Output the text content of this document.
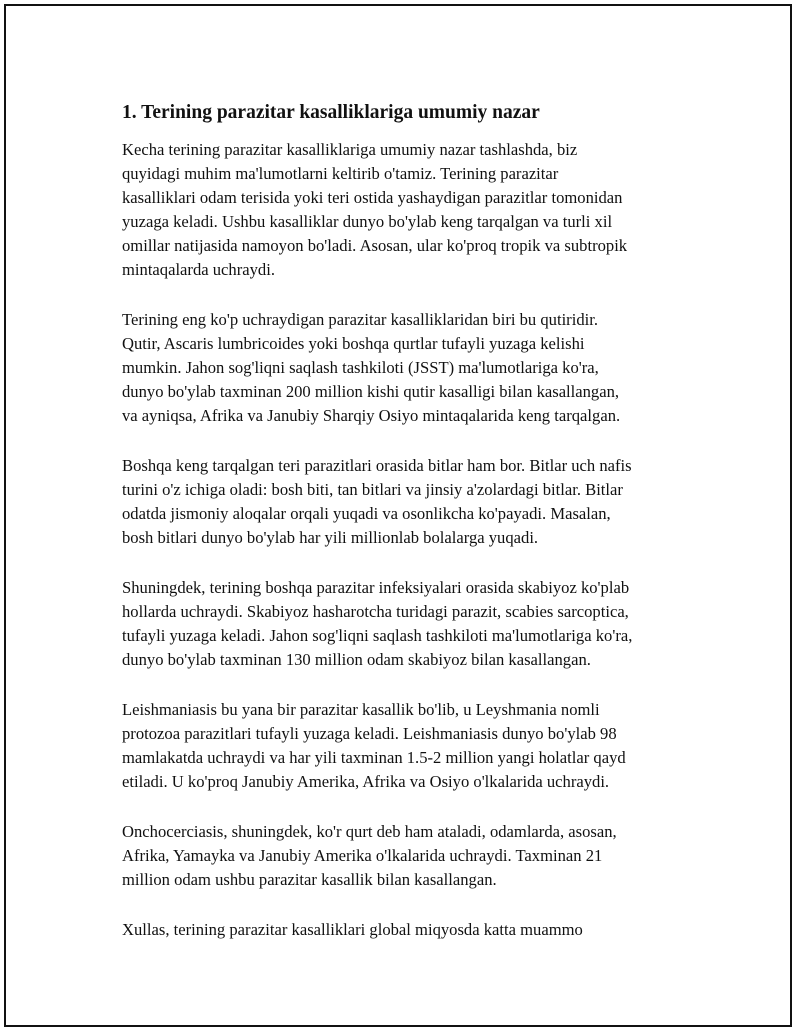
1. Terining parazitar kasalliklariga umumiy nazar

Kecha terining parazitar kasalliklariga umumiy nazar tashlashda, biz
quyidagi muhim ma'lumotlarni keltirib o'tamiz. Terining parazitar
kasalliklari odam terisida yoki teri ostida yashaydigan parazitlar tomonidan
yuzaga keladi. Ushbu kasalliklar dunyo bo'ylab keng tarqalgan va turli xil
omillar natijasida namoyon bo'ladi. Asosan, ular ko'proq tropik va subtropik
mintaqalarda uchraydi.

Terining eng ko'p uchraydigan parazitar kasalliklaridan biri bu qutiridir.
Qutir, Ascaris lumbricoides yoki boshqa qurtlar tufayli yuzaga kelishi
mumkin. Jahon sog'liqni saqlash tashkiloti (JSST) ma'lumotlariga ko'ra,
dunyo bo'ylab taxminan 200 million kishi qutir kasalligi bilan kasallangan,
va ayniqsa, Afrika va Janubiy Sharqiy Osiyo mintaqalarida keng tarqalgan.

Boshqa keng tarqalgan teri parazitlari orasida bitlar ham bor. Bitlar uch nafis
turini o'z ichiga oladi: bosh biti, tan bitlari va jinsiy a'zolardagi bitlar. Bitlar
odatda jismoniy aloqalar orqali yuqadi va osonlikcha ko'payadi. Masalan,
bosh bitlari dunyo bo'ylab har yili millionlab bolalarga yuqadi.

Shuningdek, terining boshqa parazitar infeksiyalari orasida skabiyoz ko'plab
hollarda uchraydi. Skabiyoz hasharotcha turidagi parazit, scabies sarcoptica,
tufayli yuzaga keladi. Jahon sog'liqni saqlash tashkiloti ma'lumotlariga ko'ra,
dunyo bo'ylab taxminan 130 million odam skabiyoz bilan kasallangan.

Leishmaniasis bu yana bir parazitar kasallik bo'lib, u Leyshmania nomli
protozoa parazitlari tufayli yuzaga keladi. Leishmaniasis dunyo bo'ylab 98
mamlakatda uchraydi va har yili taxminan 1.5-2 million yangi holatlar qayd
etiladi. U ko'proq Janubiy Amerika, Afrika va Osiyo o'lkalarida uchraydi.

Onchocerciasis, shuningdek, ko'r qurt deb ham ataladi, odamlarda, asosan,
Afrika, Yamayka va Janubiy Amerika o'lkalarida uchraydi. Taxminan 21
million odam ushbu parazitar kasallik bilan kasallangan.

Xullas, terining parazitar kasalliklari global miqyosda katta muammo
